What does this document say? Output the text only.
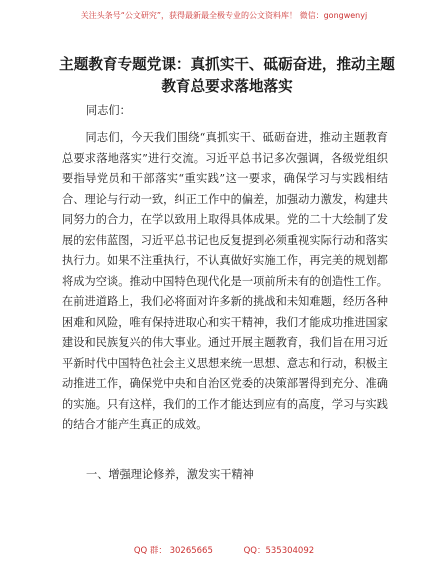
关注头条号“公文研究”，获得最新最全极专业的公文资料库！ 微信：gongwenyj
主题教育专题党课：真抓实干、砥砺奋进，推动主题教育总要求落地落实
同志们：
同志们，今天我们围绕“真抓实干、砥砺奋进，推动主题教育总要求落地落实”进行交流。习近平总书记多次强调，各级党组织要指导党员和干部落实“重实践”这一要求，确保学习与实践相结合、理论与行动一致，纠正工作中的偏差，加强动力激发，构建共同努力的合力，在学以致用上取得具体成果。党的二十大绘制了发展的宏伟蓝图，习近平总书记也反复提到必须重视实际行动和落实执行力。如果不注重执行，不认真做好实施工作，再完美的规划都将成为空谈。推动中国特色现代化是一项前所未有的创造性工作。在前进道路上，我们必将面对许多新的挑战和未知难题，经历各种困难和风险，唯有保持进取心和实干精神，我们才能成功推进国家建设和民族复兴的伟大事业。通过开展主题教育，我们旨在用习近平新时代中国特色社会主义思想来统一思想、意志和行动，积极主动推进工作，确保党中央和自治区党委的决策部署得到充分、准确的实施。只有这样，我们的工作才能达到应有的高度，学习与实践的结合才能产生真正的成效。
一、增强理论修养，激发实干精神
QQ 群： 30265665	QQ：535304092
